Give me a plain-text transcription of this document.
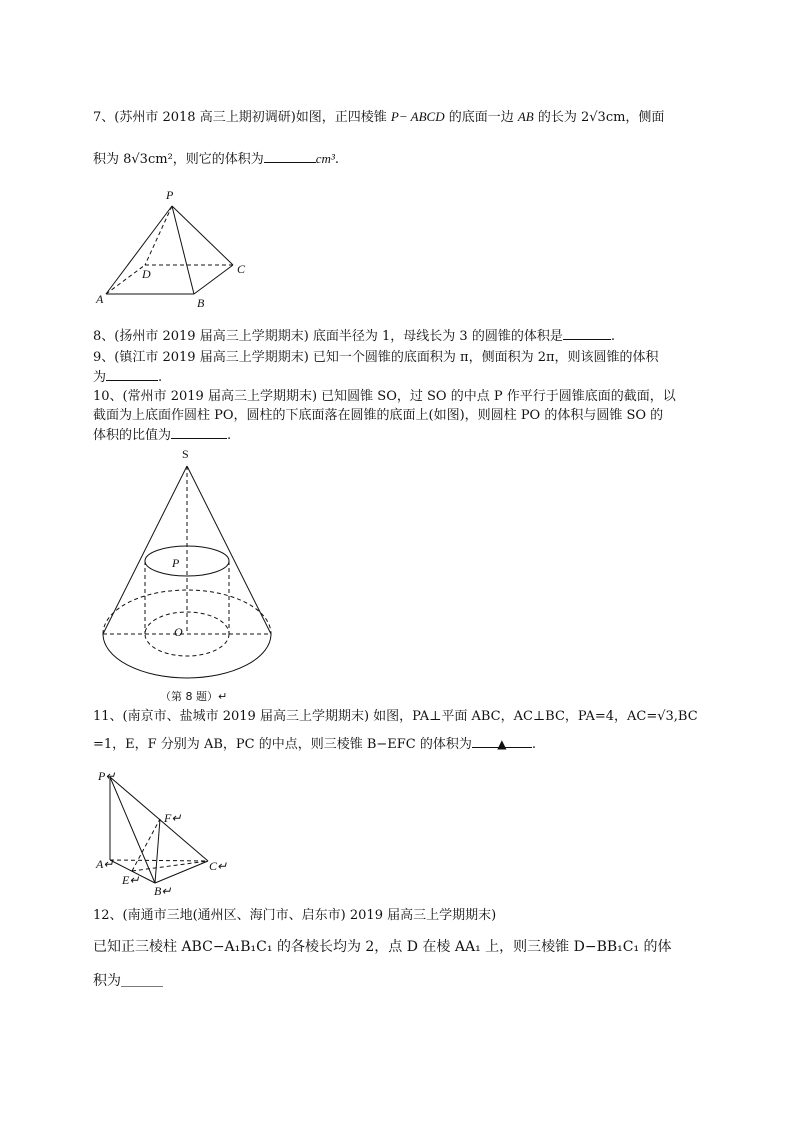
7、(苏州市 2018 高三上期初调研)如图，正四棱锥 P− ABCD 的底面一边 AB 的长为 2√3cm，侧面
积为 8√3cm²，则它的体积为	cm³.
P
A	B
C
D
8、(扬州市 2019 届高三上学期期末) 底面半径为 1，母线长为 3 的圆锥的体积是	.
9、(镇江市 2019 届高三上学期期末) 已知一个圆锥的底面积为 π，侧面积为 2π，则该圆锥的体积
为	.
10、(常州市 2019 届高三上学期期末) 已知圆锥 SO，过 SO 的中点 P 作平行于圆锥底面的截面，以
截面为上底面作圆柱 PO，圆柱的下底面落在圆锥的底面上(如图)，则圆柱 PO 的体积与圆锥 SO 的
体积的比值为	.
S
P
O
（第 8 题）↵
11、(南京市、盐城市 2019 届高三上学期期末) 如图，PA⊥平面 ABC，AC⊥BC，PA=4，AC=√3,BC
=1，E，F 分别为 AB，PC 的中点，则三棱锥 B−EFC 的体积为 ▲ .
P↵
F↵
A↵
E↵
B↵
C↵
12、(南通市三地(通州区、海门市、启东市) 2019 届高三上学期期末)
已知正三棱柱 ABC−A₁B₁C₁ 的各棱长均为 2，点 D 在棱 AA₁ 上，则三棱锥 D−BB₁C₁ 的体
积为＿＿＿
